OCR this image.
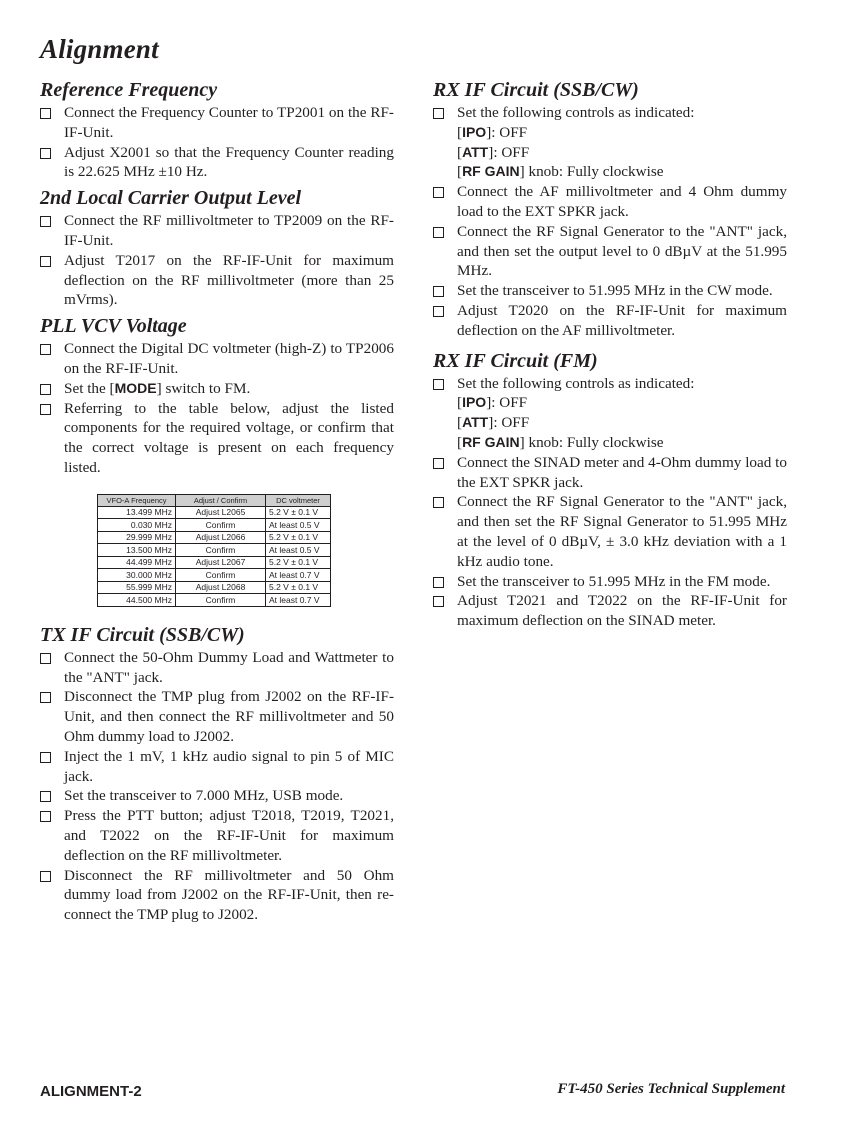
Alignment
Reference Frequency
Connect the Frequency Counter to TP2001 on the RF-IF-Unit.
Adjust X2001 so that the Frequency Counter reading is 22.625 MHz ±10 Hz.
2nd Local Carrier Output Level
Connect the RF millivoltmeter to TP2009 on the RF-IF-Unit.
Adjust T2017 on the RF-IF-Unit for maximum deflection on the RF millivoltmeter (more than 25 mVrms).
PLL VCV Voltage
Connect the Digital DC voltmeter (high-Z) to TP2006 on the RF-IF-Unit.
Set the [MODE] switch to FM.
Referring to the table below, adjust the listed components for the required voltage, or confirm that the correct voltage is present on each frequency listed.
VFO-A Frequency	Adjust / Confirm	DC voltmeter
13.499 MHz	Adjust L2065	5.2 V ± 0.1 V
0.030 MHz	Confirm	At least 0.5 V
29.999 MHz	Adjust L2066	5.2 V ± 0.1 V
13.500 MHz	Confirm	At least 0.5 V
44.499 MHz	Adjust L2067	5.2 V ± 0.1 V
30.000 MHz	Confirm	At least 0.7 V
55.999 MHz	Adjust L2068	5.2 V ± 0.1 V
44.500 MHz	Confirm	At least 0.7 V
TX IF Circuit (SSB/CW)
Connect the 50-Ohm Dummy Load and Wattmeter to the "ANT" jack.
Disconnect the TMP plug from J2002 on the RF-IF-Unit, and then connect the RF millivoltmeter and 50 Ohm dummy load to J2002.
Inject the 1 mV, 1 kHz audio signal to pin 5 of MIC jack.
Set the transceiver to 7.000 MHz, USB mode.
Press the PTT button; adjust T2018, T2019, T2021, and T2022 on the RF-IF-Unit for maximum deflection on the RF millivoltmeter.
Disconnect the RF millivoltmeter and 50 Ohm dummy load from J2002 on the RF-IF-Unit, then re-connect the TMP plug to J2002.
RX IF Circuit (SSB/CW)
Set the following controls as indicated:
[IPO]: OFF
[ATT]: OFF
[RF GAIN] knob: Fully clockwise
Connect the AF millivoltmeter and 4 Ohm dummy load to the EXT SPKR jack.
Connect the RF Signal Generator to the "ANT" jack, and then set the output level to 0 dBµV at the 51.995 MHz.
Set the transceiver to 51.995 MHz in the CW mode.
Adjust T2020 on the RF-IF-Unit for maximum deflection on the AF millivoltmeter.
RX IF Circuit (FM)
Set the following controls as indicated:
[IPO]: OFF
[ATT]: OFF
[RF GAIN] knob: Fully clockwise
Connect the SINAD meter and 4-Ohm dummy load to the EXT SPKR jack.
Connect the RF Signal Generator to the "ANT" jack, and then set the RF Signal Generator to 51.995 MHz at the level of 0 dBµV, ± 3.0 kHz deviation with a 1 kHz audio tone.
Set the transceiver to 51.995 MHz in the FM mode.
Adjust T2021 and T2022 on the RF-IF-Unit for maximum deflection on the SINAD meter.
ALIGNMENT-2	FT-450 Series Technical Supplement
